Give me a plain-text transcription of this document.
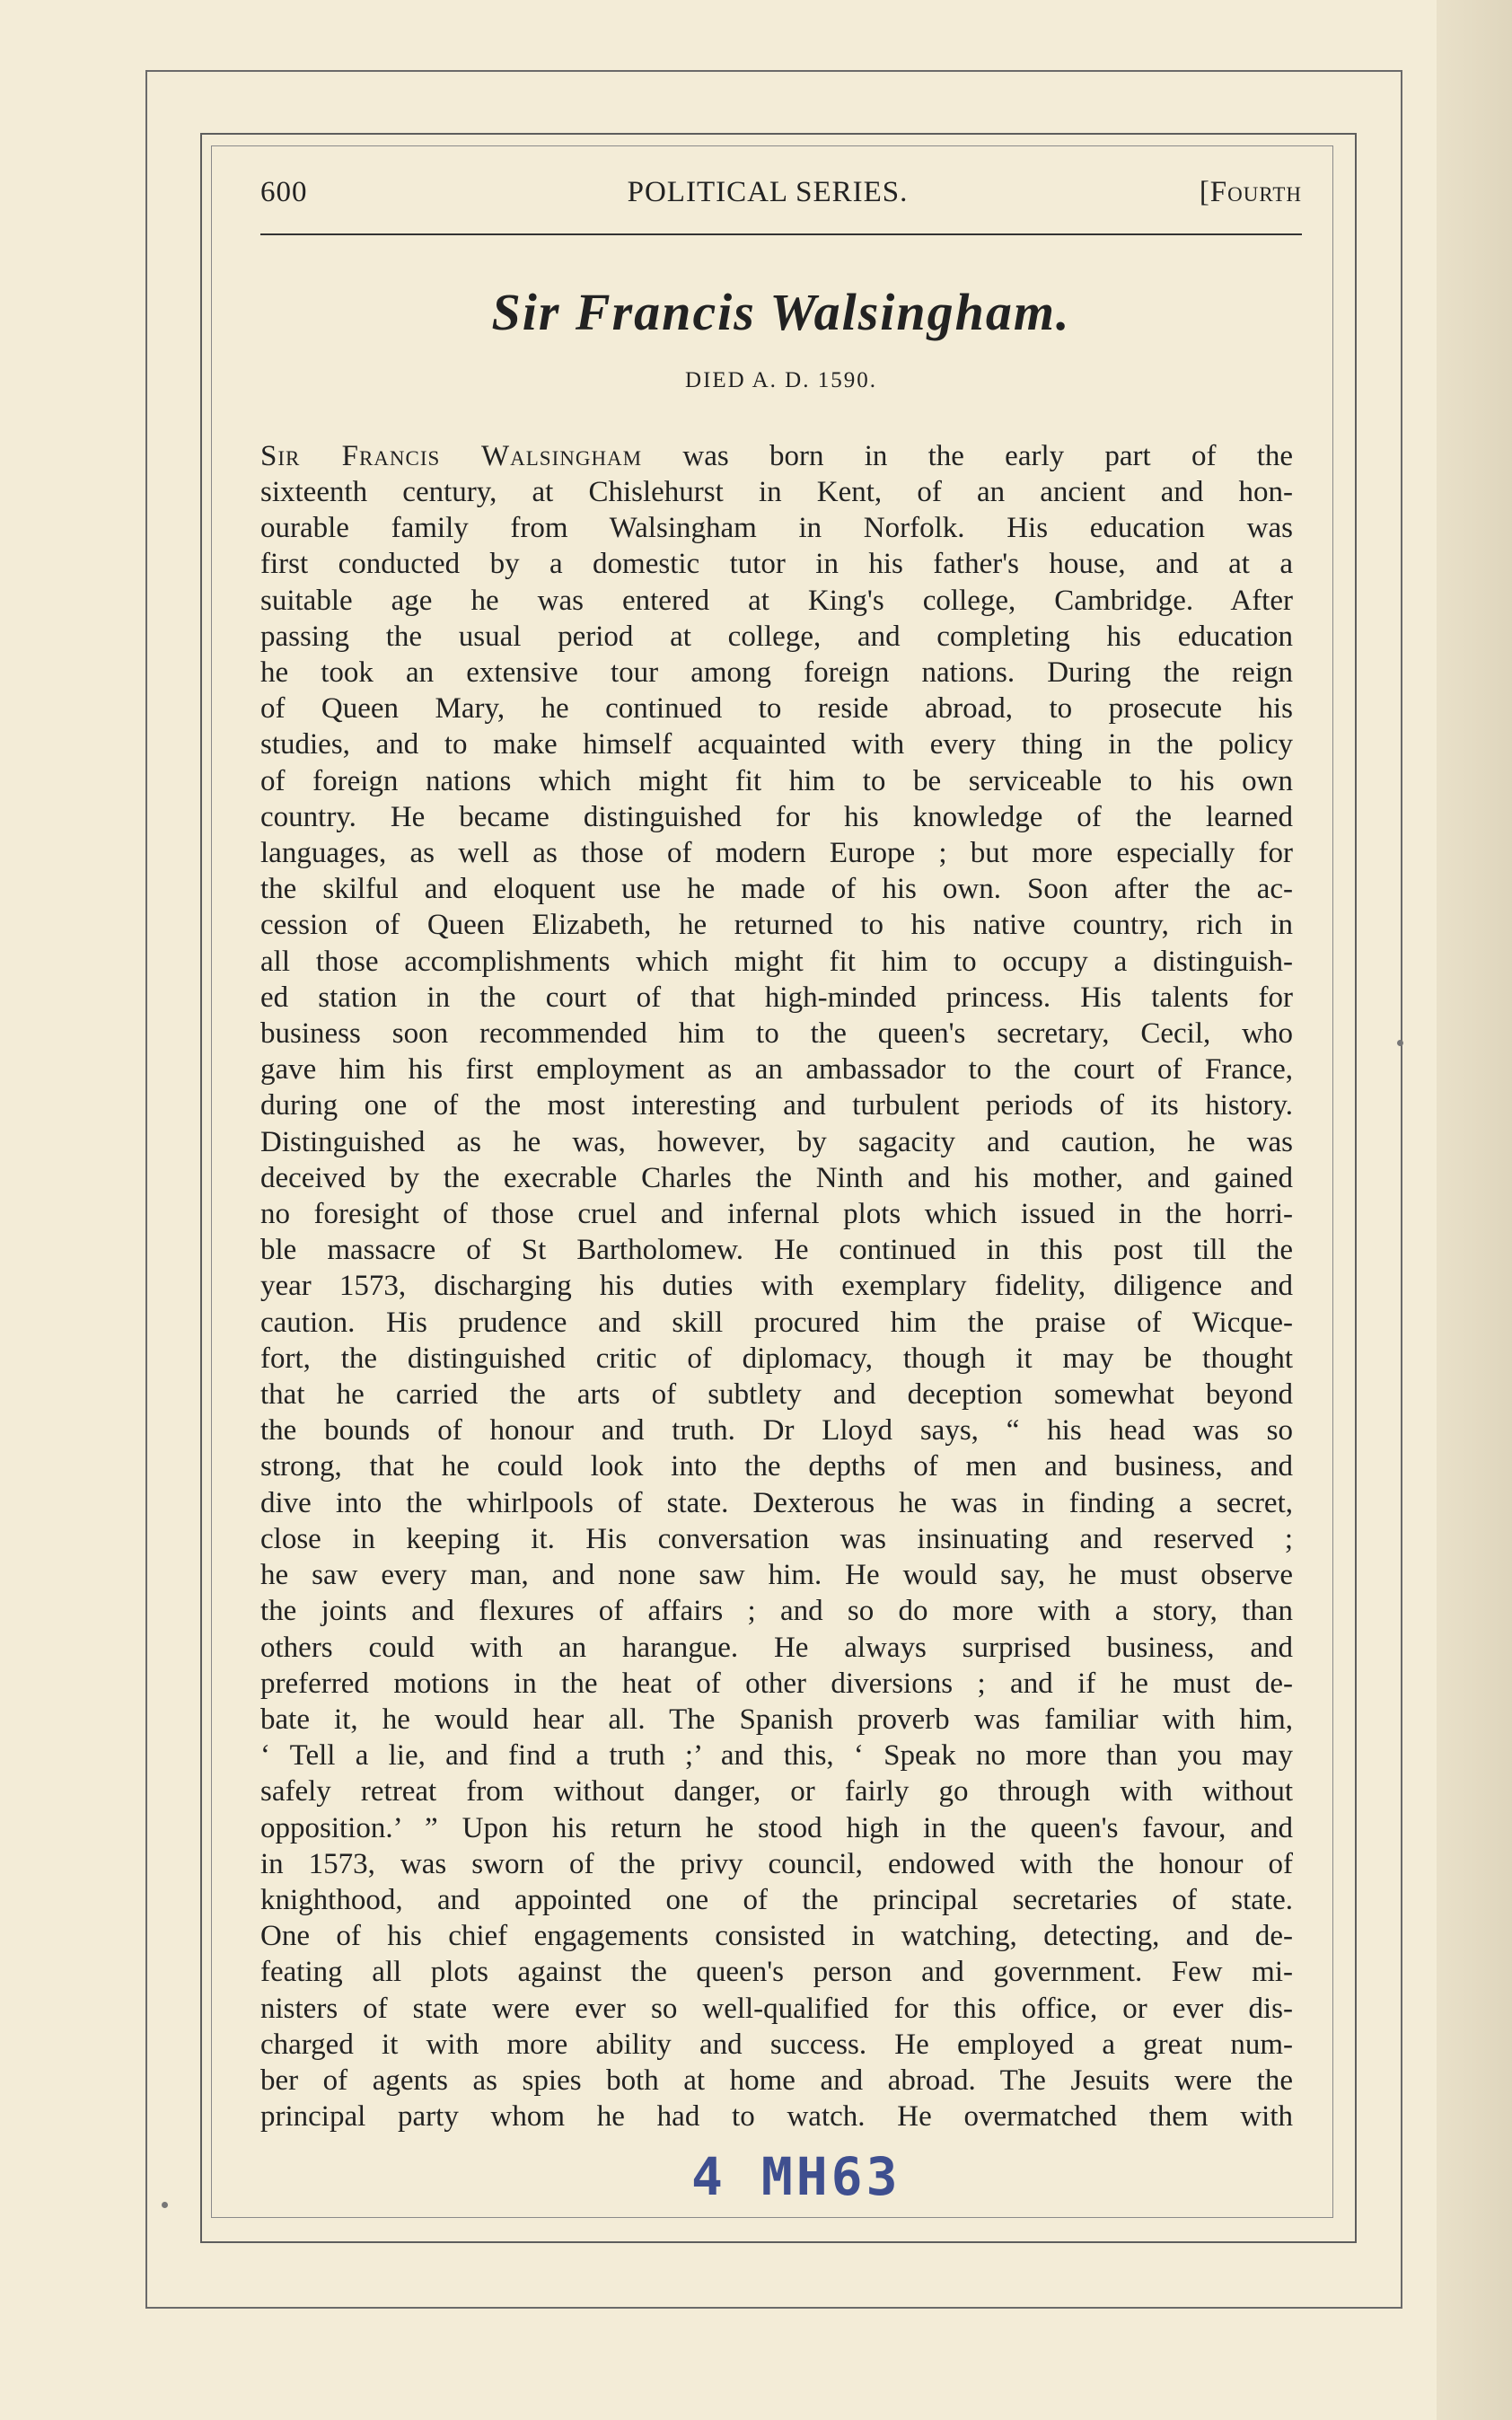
600	POLITICAL SERIES.	[Fourth
Sir Francis Walsingham.
DIED A. D. 1590.
Sir Francis Walsingham was born in the early part of the
sixteenth century, at Chislehurst in Kent, of an ancient and hon-
ourable family from Walsingham in Norfolk. His education was
first conducted by a domestic tutor in his father's house, and at a
suitable age he was entered at King's college, Cambridge. After
passing the usual period at college, and completing his education
he took an extensive tour among foreign nations. During the reign
of Queen Mary, he continued to reside abroad, to prosecute his
studies, and to make himself acquainted with every thing in the policy
of foreign nations which might fit him to be serviceable to his own
country. He became distinguished for his knowledge of the learned
languages, as well as those of modern Europe ; but more especially for
the skilful and eloquent use he made of his own. Soon after the ac-
cession of Queen Elizabeth, he returned to his native country, rich in
all those accomplishments which might fit him to occupy a distinguish-
ed station in the court of that high-minded princess. His talents for
business soon recommended him to the queen's secretary, Cecil, who
gave him his first employment as an ambassador to the court of France,
during one of the most interesting and turbulent periods of its history.
Distinguished as he was, however, by sagacity and caution, he was
deceived by the execrable Charles the Ninth and his mother, and gained
no foresight of those cruel and infernal plots which issued in the horri-
ble massacre of St Bartholomew. He continued in this post till the
year 1573, discharging his duties with exemplary fidelity, diligence and
caution. His prudence and skill procured him the praise of Wicque-
fort, the distinguished critic of diplomacy, though it may be thought
that he carried the arts of subtlety and deception somewhat beyond
the bounds of honour and truth. Dr Lloyd says, “ his head was so
strong, that he could look into the depths of men and business, and
dive into the whirlpools of state. Dexterous he was in finding a secret,
close in keeping it. His conversation was insinuating and reserved ;
he saw every man, and none saw him. He would say, he must observe
the joints and flexures of affairs ; and so do more with a story, than
others could with an harangue. He always surprised business, and
preferred motions in the heat of other diversions ; and if he must de-
bate it, he would hear all. The Spanish proverb was familiar with him,
‘ Tell a lie, and find a truth ;’ and this, ‘ Speak no more than you may
safely retreat from without danger, or fairly go through with without
opposition.’ ” Upon his return he stood high in the queen's favour, and
in 1573, was sworn of the privy council, endowed with the honour of
knighthood, and appointed one of the principal secretaries of state.
One of his chief engagements consisted in watching, detecting, and de-
feating all plots against the queen's person and government. Few mi-
nisters of state were ever so well-qualified for this office, or ever dis-
charged it with more ability and success. He employed a great num-
ber of agents as spies both at home and abroad. The Jesuits were the
principal party whom he had to watch. He overmatched them with
4 MH63
